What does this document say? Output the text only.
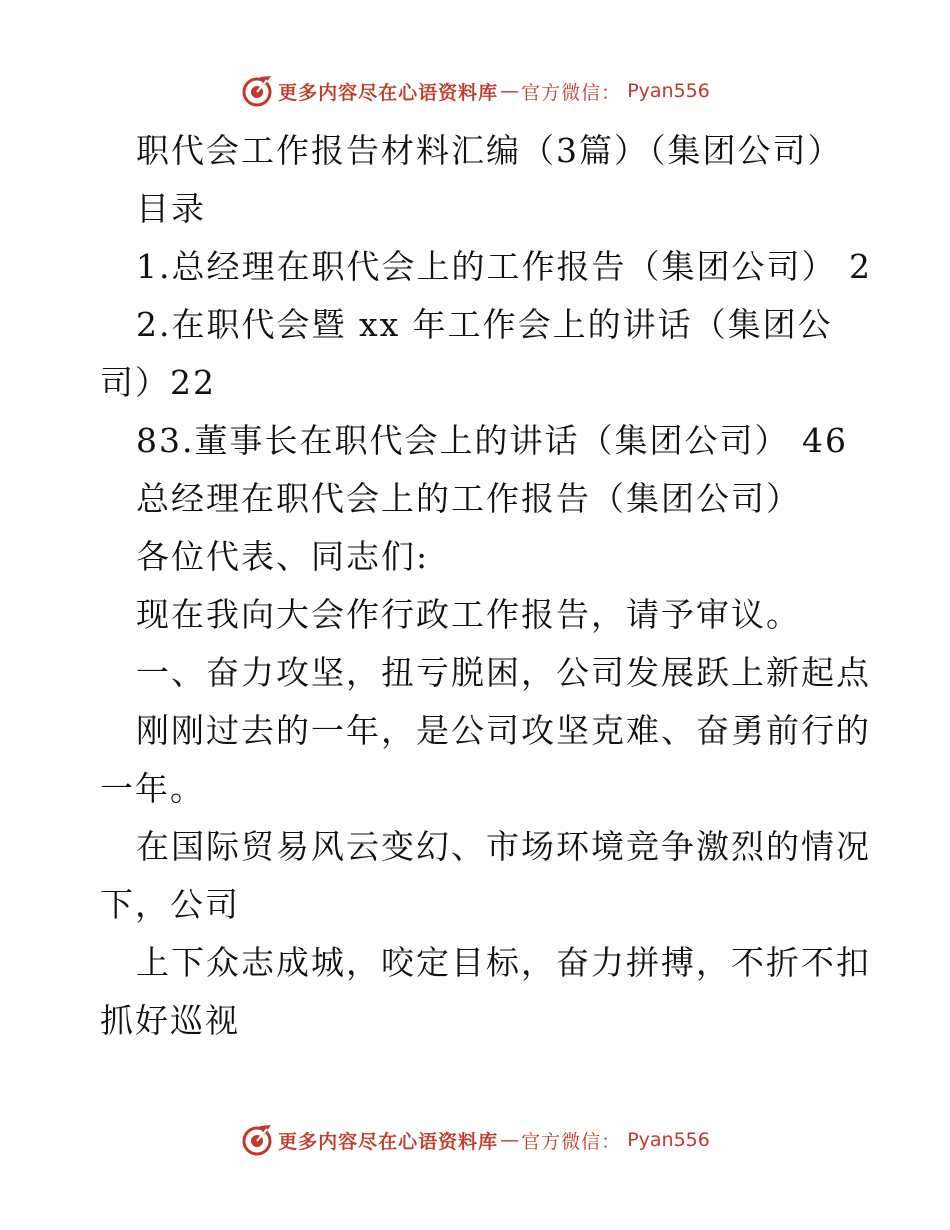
更多内容尽在心语资料库 — 官方微信： Pyan556
职代会工作报告材料汇编（3篇）（集团公司）
目录
1.总经理在职代会上的工作报告（集团公司） 2
2.在职代会暨 xx 年工作会上的讲话（集团公
司）22
83.董事长在职代会上的讲话（集团公司） 46
总经理在职代会上的工作报告（集团公司）
各位代表、同志们:
现在我向大会作行政工作报告，请予审议。
一、奋力攻坚，扭亏脱困，公司发展跃上新起点
刚刚过去的一年，是公司攻坚克难、奋勇前行的
一年。
在国际贸易风云变幻、市场环境竞争激烈的情况
下，公司
上下众志成城，咬定目标，奋力拼搏，不折不扣
抓好巡视
更多内容尽在心语资料库 — 官方微信： Pyan556
